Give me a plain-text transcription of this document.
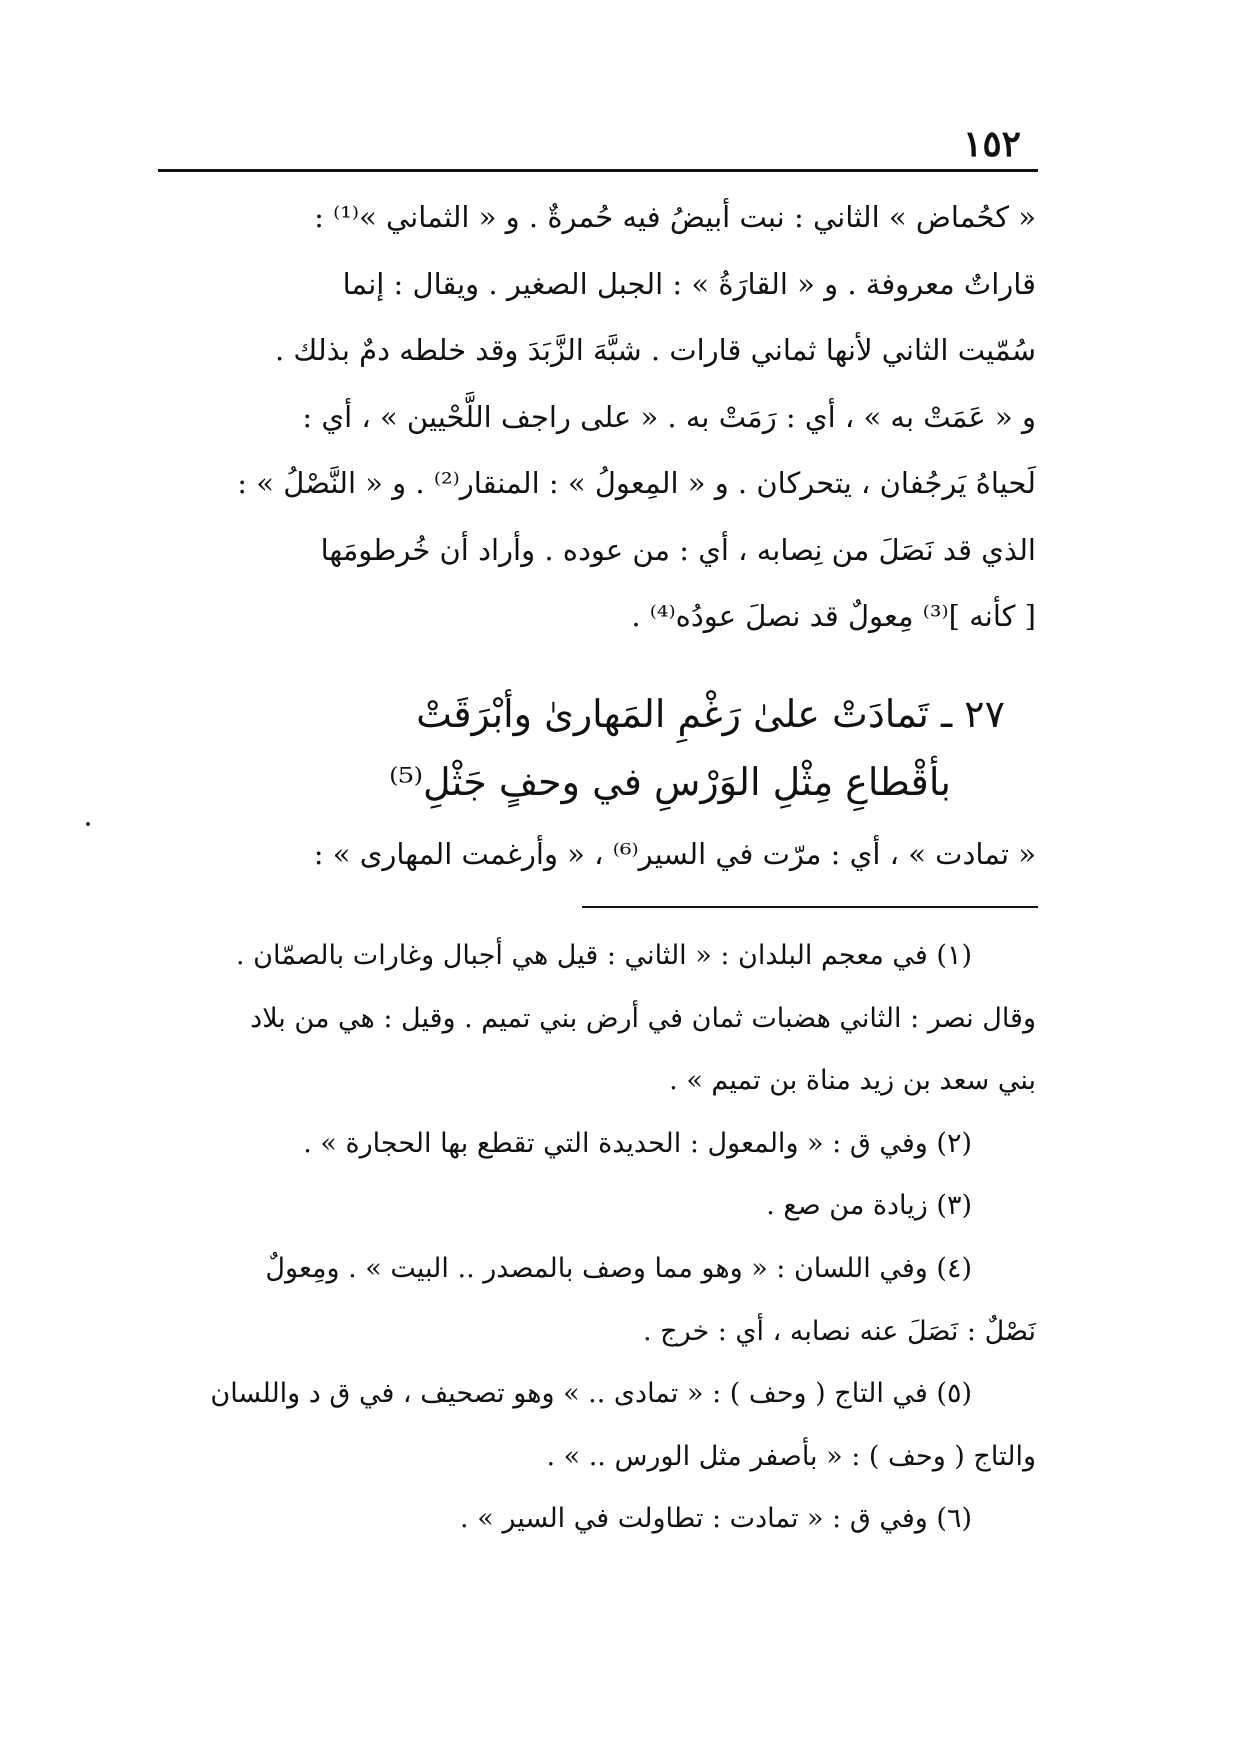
١٥٢

« كحُماض » الثاني : نبت أبيضُ فيه حُمرةٌ . و « الثماني »⁽¹⁾ :

قاراتٌ معروفة . و « القارَةُ » : الجبل الصغير . ويقال : إنما

سُمّيت الثاني لأنها ثماني قارات . شبَّهَ الزَّبَدَ وقد خلطه دمٌ بذلك .

و « عَمَتْ به » ، أي : رَمَتْ به . « على راجف اللَّحْيين » ، أي :

لَحياهُ يَرجُفان ، يتحركان . و « المِعولُ » : المنقار⁽²⁾ . و « النَّصْلُ » :

الذي قد نَصَلَ من نِصابه ، أي : من عوده . وأراد أن خُرطومَها

[ كأنه ]⁽³⁾ مِعولٌ قد نصلَ عودُه⁽⁴⁾ .

٢٧ ـ تَمادَتْ علىٰ رَغْمِ المَهارىٰ وأبْرَقَتْ
بأقْطاعِ مِثْلِ الوَرْسِ في وحفٍ جَثْلِ⁽⁵⁾
« تمادت » ، أي : مرّت في السير⁽⁶⁾ ، « وأرغمت المهارى » :

(١) في معجم البلدان : « الثاني : قيل هي أجبال وغارات بالصمّان .

وقال نصر : الثاني هضبات ثمان في أرض بني تميم . وقيل : هي من بلاد

بني سعد بن زيد مناة بن تميم » .

(٢) وفي ق : « والمعول : الحديدة التي تقطع بها الحجارة » .

(٣) زيادة من صع .

(٤) وفي اللسان : « وهو مما وصف بالمصدر .. البيت » . ومِعولٌ

نَصْلٌ : نَصَلَ عنه نصابه ، أي : خرج .

(٥) في التاج ( وحف ) : « تمادى .. » وهو تصحيف ، في ق د واللسان

والتاج ( وحف ) : « بأصفر مثل الورس .. » .

(٦) وفي ق : « تمادت : تطاولت في السير » .
